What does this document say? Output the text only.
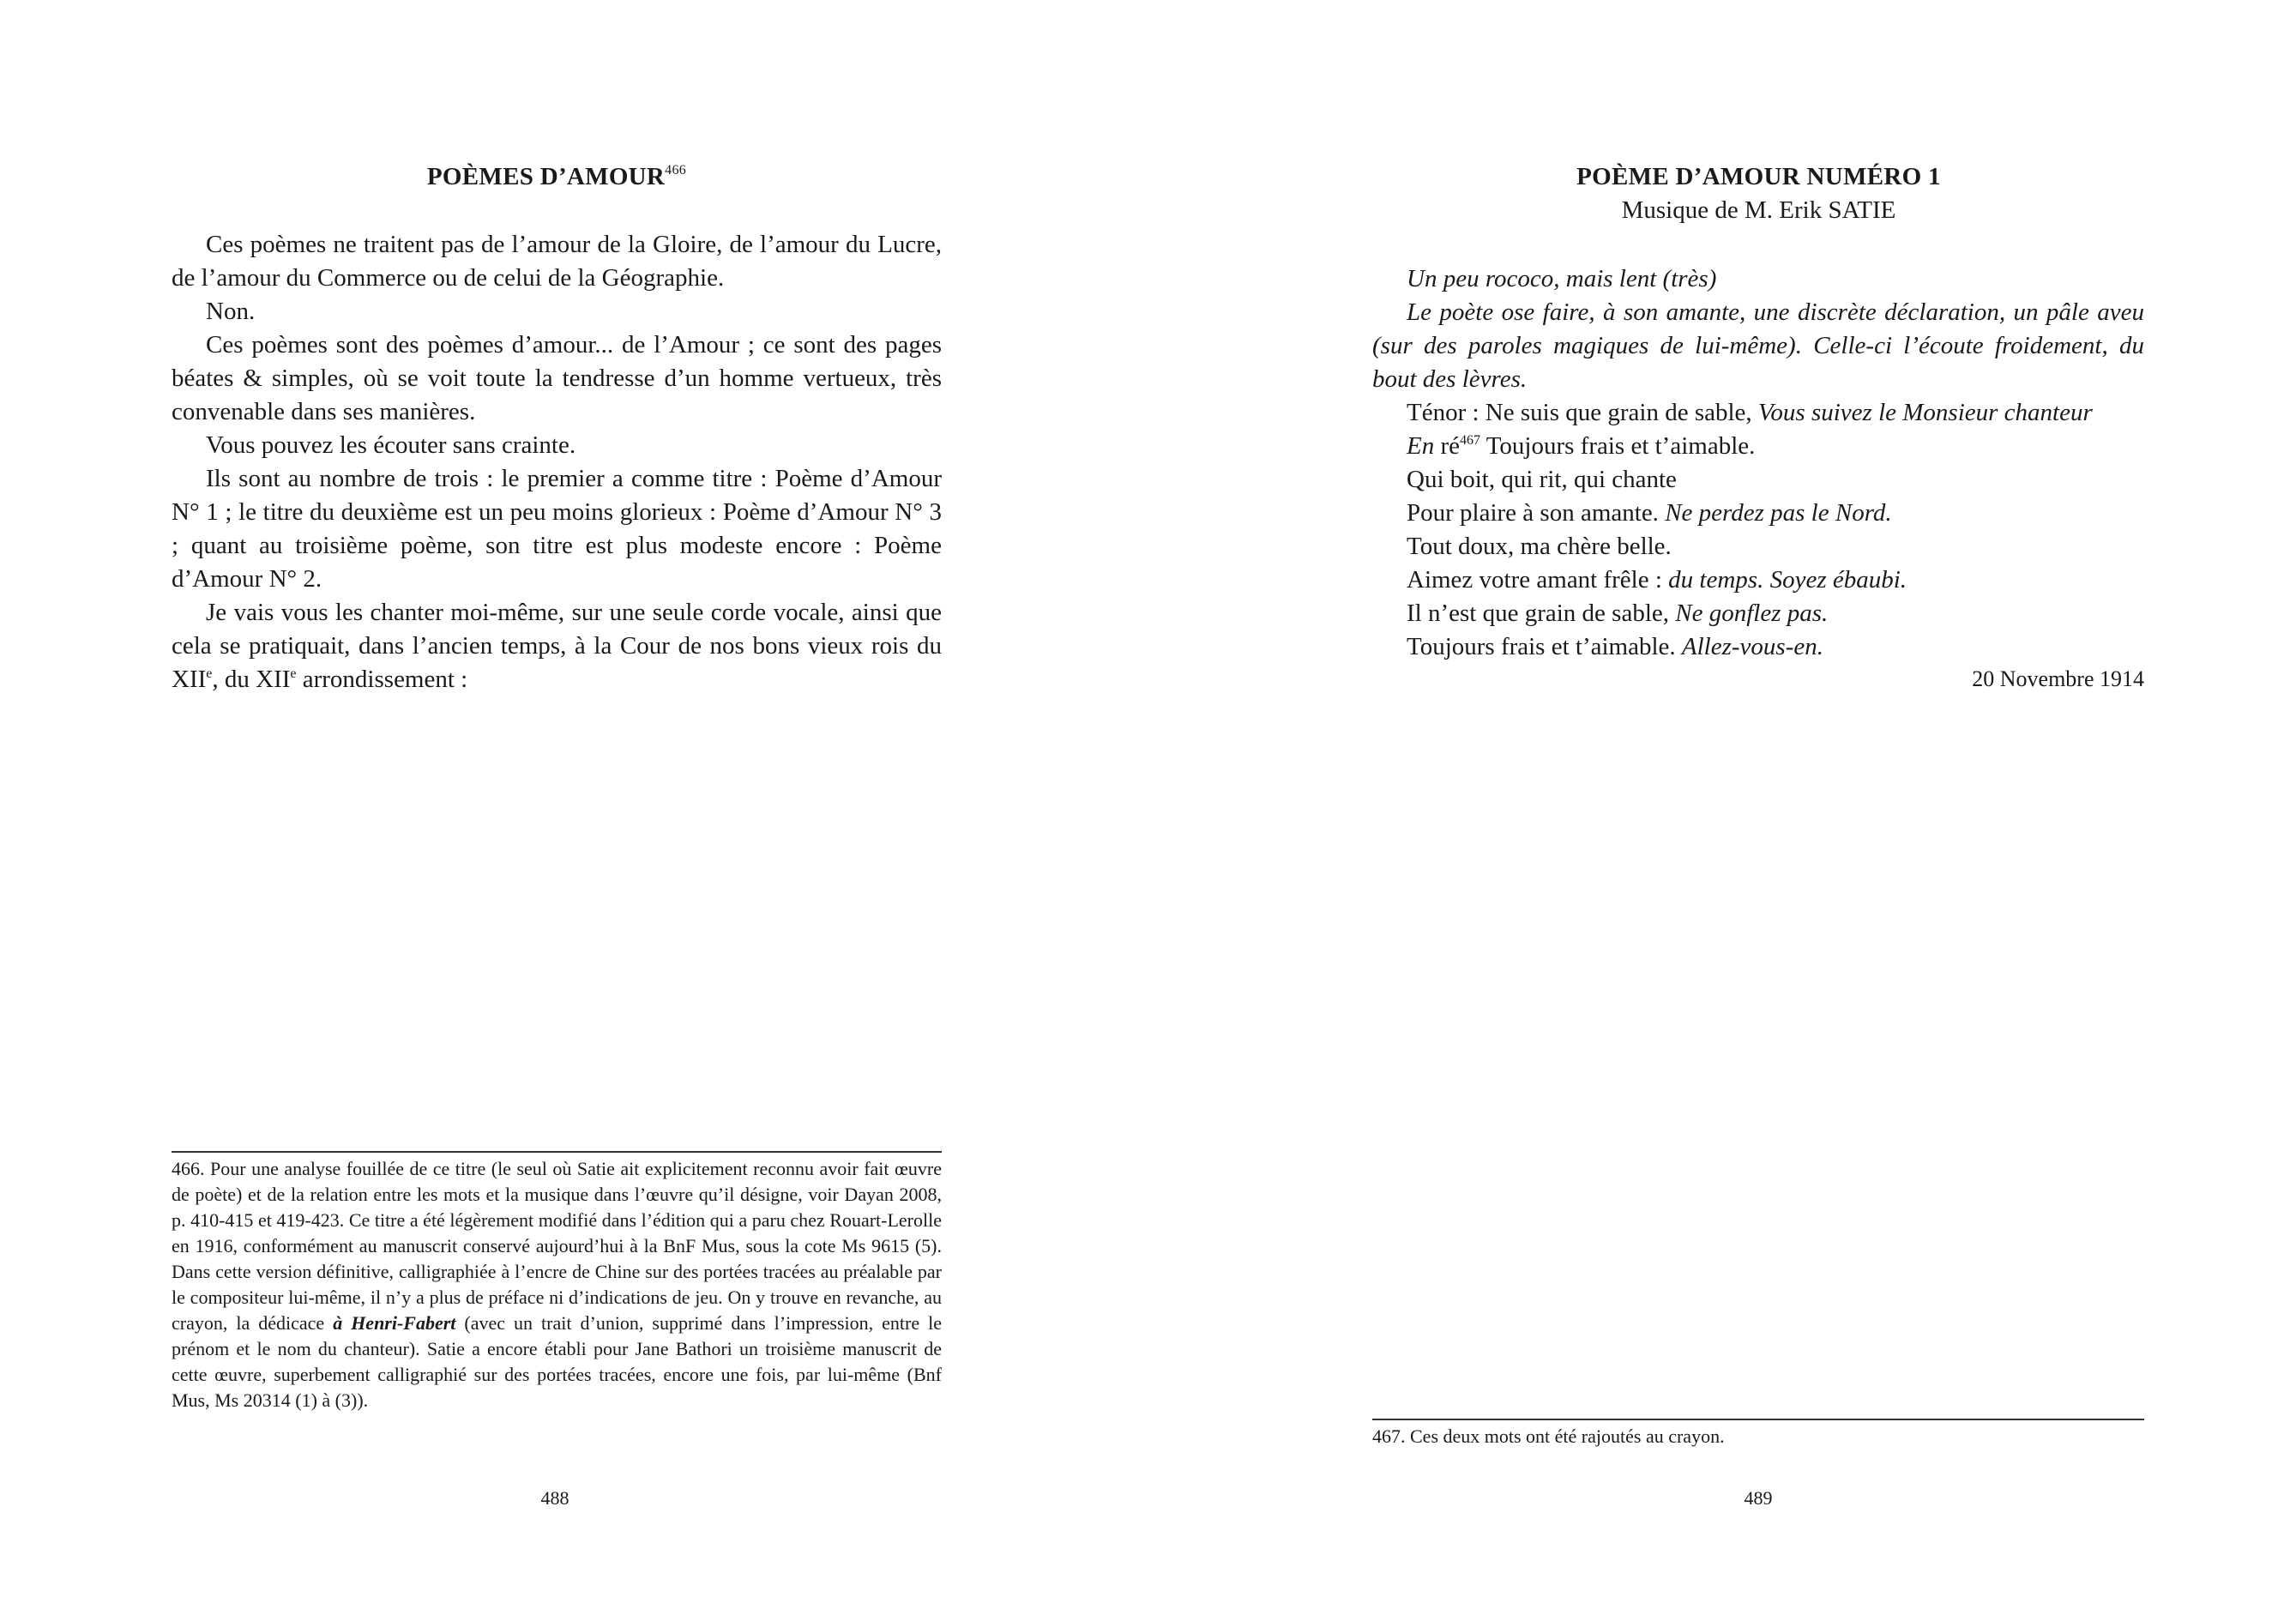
POÈMES D’AMOUR$^{466}$

Ces poèmes ne traitent pas de l’amour de la Gloire, de l’amour du Lucre, de l’amour du Commerce ou de celui de la Géographie.

Non.

Ces poèmes sont des poèmes d’amour... de l’Amour ; ce sont des pages béates & simples, où se voit toute la tendresse d’un homme vertueux, très convenable dans ses manières.

Vous pouvez les écouter sans crainte.

Ils sont au nombre de trois : le premier a comme titre : Poème d’Amour N° 1 ; le titre du deuxième est un peu moins glorieux : Poème d’Amour N° 3 ; quant au troisième poème, son titre est plus modeste encore : Poème d’Amour N° 2.

Je vais vous les chanter moi-même, sur une seule corde vocale, ainsi que cela se pratiquait, dans l’ancien temps, à la Cour de nos bons vieux rois du XIIe, du XIIe arrondissement :

466. Pour une analyse fouillée de ce titre (le seul où Satie ait explicitement reconnu avoir fait œuvre de poète) et de la relation entre les mots et la musique dans l’œuvre qu’il désigne, voir Dayan 2008, p. 410-415 et 419-423. Ce titre a été légèrement modifié dans l’édition qui a paru chez Rouart-Lerolle en 1916, conformément au manuscrit conservé aujourd’hui à la BnF Mus, sous la cote Ms 9615 (5). Dans cette version définitive, calligraphiée à l’encre de Chine sur des portées tracées au préalable par le compositeur lui-même, il n’y a plus de préface ni d’indications de jeu. On y trouve en revanche, au crayon, la dédicace à Henri-Fabert (avec un trait d’union, supprimé dans l’impression, entre le prénom et le nom du chanteur). Satie a encore établi pour Jane Bathori un troisième manuscrit de cette œuvre, superbement calligraphié sur des portées tracées, encore une fois, par lui-même (Bnf Mus, Ms 20314 (1) à (3)).
488
POÈME D’AMOUR NUMÉRO 1
Musique de M. Erik SATIE

Un peu rococo, mais lent (très)

Le poète ose faire, à son amante, une discrète déclaration, un pâle aveu (sur des paroles magiques de lui-même). Celle-ci l’écoute froidement, du bout des lèvres.

Ténor : Ne suis que grain de sable, Vous suivez le Monsieur chanteur
En ré$^{467}$ Toujours frais et t’aimable.
Qui boit, qui rit, qui chante
Pour plaire à son amante. Ne perdez pas le Nord.
Tout doux, ma chère belle.
Aimez votre amant frêle : du temps. Soyez ébaubi.
Il n’est que grain de sable, Ne gonflez pas.
Toujours frais et t’aimable. Allez-vous-en.
20 Novembre 1914
467. Ces deux mots ont été rajoutés au crayon.
489
